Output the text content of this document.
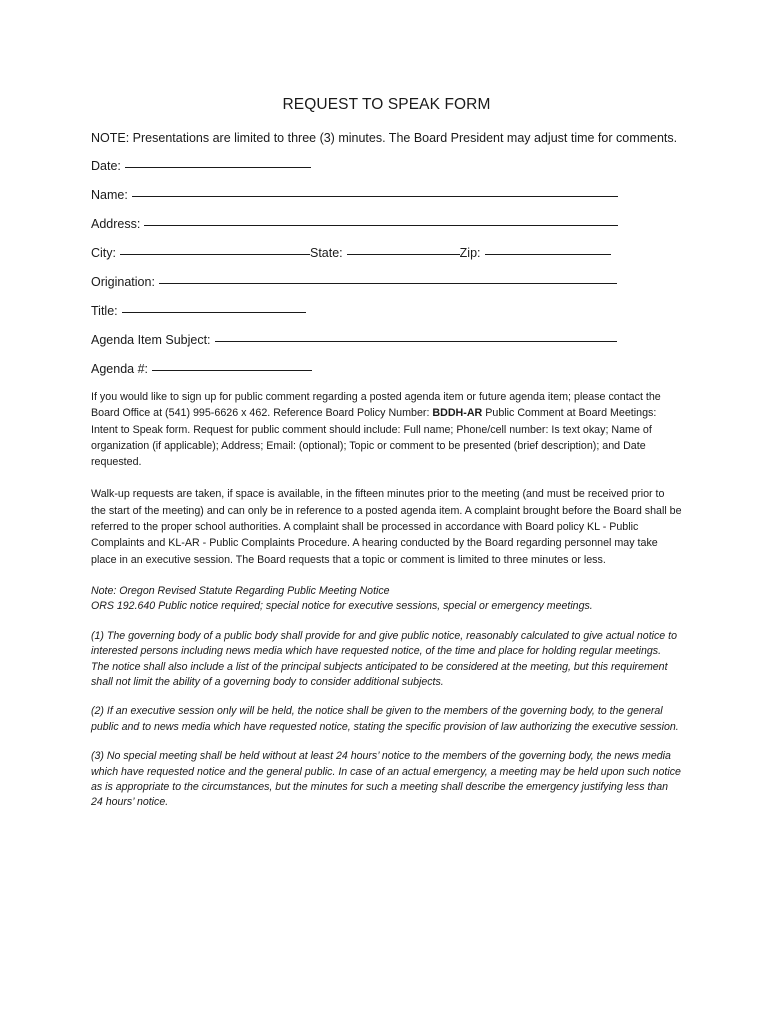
REQUEST TO SPEAK FORM

NOTE: Presentations are limited to three (3) minutes. The Board President may adjust time for comments.

Date:
Name:
Address:
City:	State:	Zip:
Origination:
Title:
Agenda Item Subject:
Agenda #:

If you would like to sign up for public comment regarding a posted agenda item or future agenda item; please contact the Board Office at (541) 995-6626 x 462. Reference Board Policy Number: BDDH-AR Public Comment at Board Meetings: Intent to Speak form. Request for public comment should include: Full name; Phone/cell number: Is text okay; Name of organization (if applicable); Address; Email: (optional); Topic or comment to be presented (brief description); and Date requested.

Walk-up requests are taken, if space is available, in the fifteen minutes prior to the meeting (and must be received prior to the start of the meeting) and can only be in reference to a posted agenda item. A complaint brought before the Board shall be referred to the proper school authorities. A complaint shall be processed in accordance with Board policy KL - Public Complaints and KL-AR - Public Complaints Procedure. A hearing conducted by the Board regarding personnel may take place in an executive session. The Board requests that a topic or comment is limited to three minutes or less.

Note: Oregon Revised Statute Regarding Public Meeting Notice
ORS 192.640 Public notice required; special notice for executive sessions, special or emergency meetings.

(1) The governing body of a public body shall provide for and give public notice, reasonably calculated to give actual notice to interested persons including news media which have requested notice, of the time and place for holding regular meetings. The notice shall also include a list of the principal subjects anticipated to be considered at the meeting, but this requirement shall not limit the ability of a governing body to consider additional subjects.

(2) If an executive session only will be held, the notice shall be given to the members of the governing body, to the general public and to news media which have requested notice, stating the specific provision of law authorizing the executive session.

(3) No special meeting shall be held without at least 24 hours’ notice to the members of the governing body, the news media which have requested notice and the general public. In case of an actual emergency, a meeting may be held upon such notice as is appropriate to the circumstances, but the minutes for such a meeting shall describe the emergency justifying less than 24 hours’ notice.
